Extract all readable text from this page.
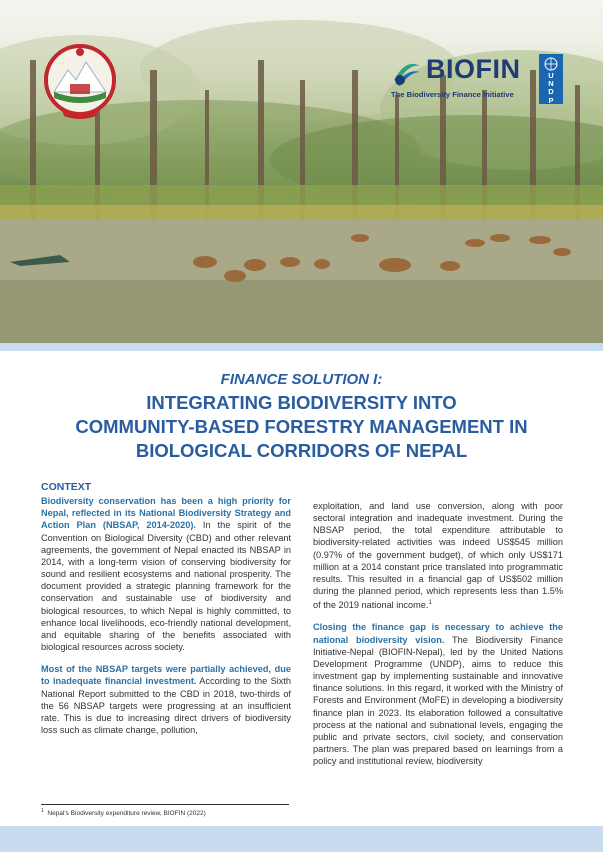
BIOFIN
The Biodiversity Finance Initiative
U
N
D
P
FINANCE SOLUTION I:
INTEGRATING BIODIVERSITY INTO
COMMUNITY-BASED FORESTRY MANAGEMENT IN
BIOLOGICAL CORRIDORS OF NEPAL
CONTEXT

Biodiversity conservation has been a high priority for Nepal, reflected in its National Biodiversity Strategy and Action Plan (NBSAP, 2014-2020). In the spirit of the Convention on Biological Diversity (CBD) and other relevant agreements, the government of Nepal enacted its NBSAP in 2014, with a long-term vision of conserving biodiversity for sound and resilient ecosystems and national prosperity. The document provided a strategic planning framework for the conservation and sustainable use of biodiversity and biological resources, to which Nepal is highly committed, to enhance local livelihoods, eco-friendly national development, and equitable sharing of the benefits associated with biological resources across society.

Most of the NBSAP targets were partially achieved, due to inadequate financial investment. According to the Sixth National Report submitted to the CBD in 2018, two-thirds of the 56 NBSAP targets were progressing at an insufficient rate. This is due to increasing direct drivers of biodiversity loss such as climate change, pollution,

exploitation, and land use conversion, along with poor sectoral integration and inadequate investment. During the NBSAP period, the total expenditure attributable to biodiversity-related activities was indeed US$545 million (0.97% of the government budget), of which only US$171 million at a 2014 constant price translated into programmatic results. This resulted in a financial gap of US$502 million during the planned period, which represents less than 1.5% of the 2019 national income.$^1$

Closing the finance gap is necessary to achieve the national biodiversity vision. The Biodiversity Finance Initiative-Nepal (BIOFIN-Nepal), led by the United Nations Development Programme (UNDP), aims to reduce this investment gap by implementing sustainable and innovative finance solutions. In this regard, it worked with the Ministry of Forests and Environment (MoFE) in developing a biodiversity finance plan in 2023. Its elaboration followed a consultative process at the national and subnational levels, engaging the public and private sectors, civil society, and conservation partners. The plan was prepared based on learnings from a policy and institutional review, biodiversity

$^1$ Nepal's Biodiversity expenditure review, BIOFIN (2022)
